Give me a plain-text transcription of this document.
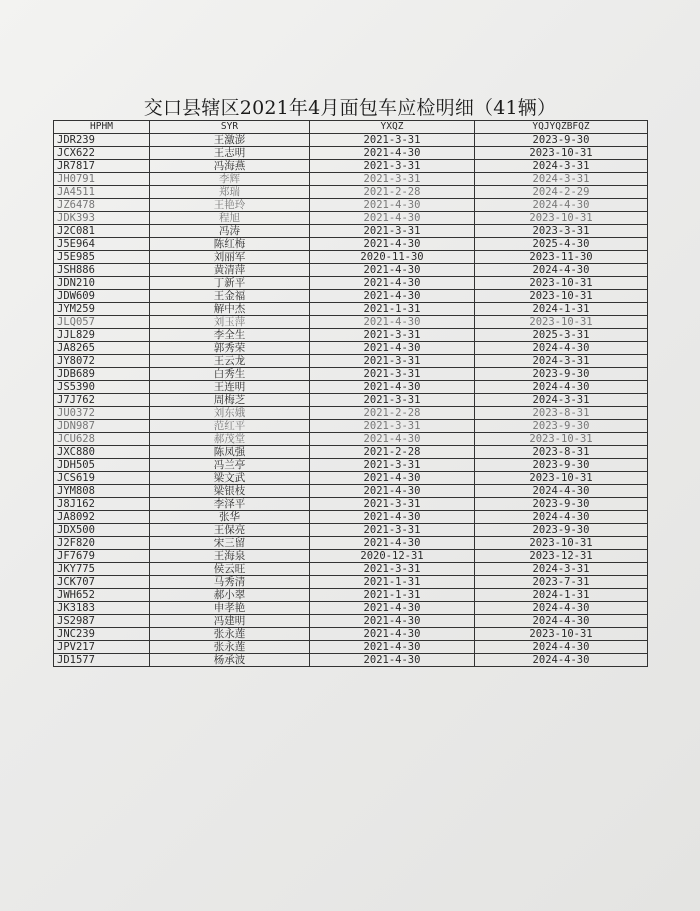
交口县辖区2021年4月面包车应检明细（41辆）
HPHM	SYR	YXQZ	YQJYQZBFQZ
JDR239	王激澎	2021-3-31	2023-9-30
JCX622	王志明	2021-4-30	2023-10-31
JR7817	冯海燕	2021-3-31	2024-3-31
JH0791	李辉	2021-3-31	2024-3-31
JA4511	郑瑞	2021-2-28	2024-2-29
JZ6478	王艳玲	2021-4-30	2024-4-30
JDK393	程旭	2021-4-30	2023-10-31
J2C081	冯涛	2021-3-31	2023-3-31
J5E964	陈红梅	2021-4-30	2025-4-30
J5E985	刘丽军	2020-11-30	2023-11-30
JSH886	黄清萍	2021-4-30	2024-4-30
JDN210	丁新平	2021-4-30	2023-10-31
JDW609	王金福	2021-4-30	2023-10-31
JYM259	解中杰	2021-1-31	2024-1-31
JLQ057	刘玉萍	2021-4-30	2023-10-31
JJL829	李全生	2021-3-31	2025-3-31
JA8265	郭秀荣	2021-4-30	2024-4-30
JY8072	王云龙	2021-3-31	2024-3-31
JDB689	白秀生	2021-3-31	2023-9-30
JS5390	王连明	2021-4-30	2024-4-30
J7J762	周梅芝	2021-3-31	2024-3-31
JU0372	刘东娥	2021-2-28	2023-8-31
JDN987	范红平	2021-3-31	2023-9-30
JCU628	郝茂堂	2021-4-30	2023-10-31
JXC880	陈凤强	2021-2-28	2023-8-31
JDH505	冯兰亭	2021-3-31	2023-9-30
JCS619	梁文武	2021-4-30	2023-10-31
JYM808	梁银枝	2021-4-30	2024-4-30
J8J162	李泽平	2021-3-31	2023-9-30
JA8092	张华	2021-4-30	2024-4-30
JDX500	王保亮	2021-3-31	2023-9-30
J2F820	宋三留	2021-4-30	2023-10-31
JF7679	王海泉	2020-12-31	2023-12-31
JKY775	侯云旺	2021-3-31	2024-3-31
JCK707	马秀清	2021-1-31	2023-7-31
JWH652	郝小翠	2021-1-31	2024-1-31
JK3183	申孝艳	2021-4-30	2024-4-30
JS2987	冯建明	2021-4-30	2024-4-30
JNC239	张永莲	2021-4-30	2023-10-31
JPV217	张永莲	2021-4-30	2024-4-30
JD1577	杨承波	2021-4-30	2024-4-30
